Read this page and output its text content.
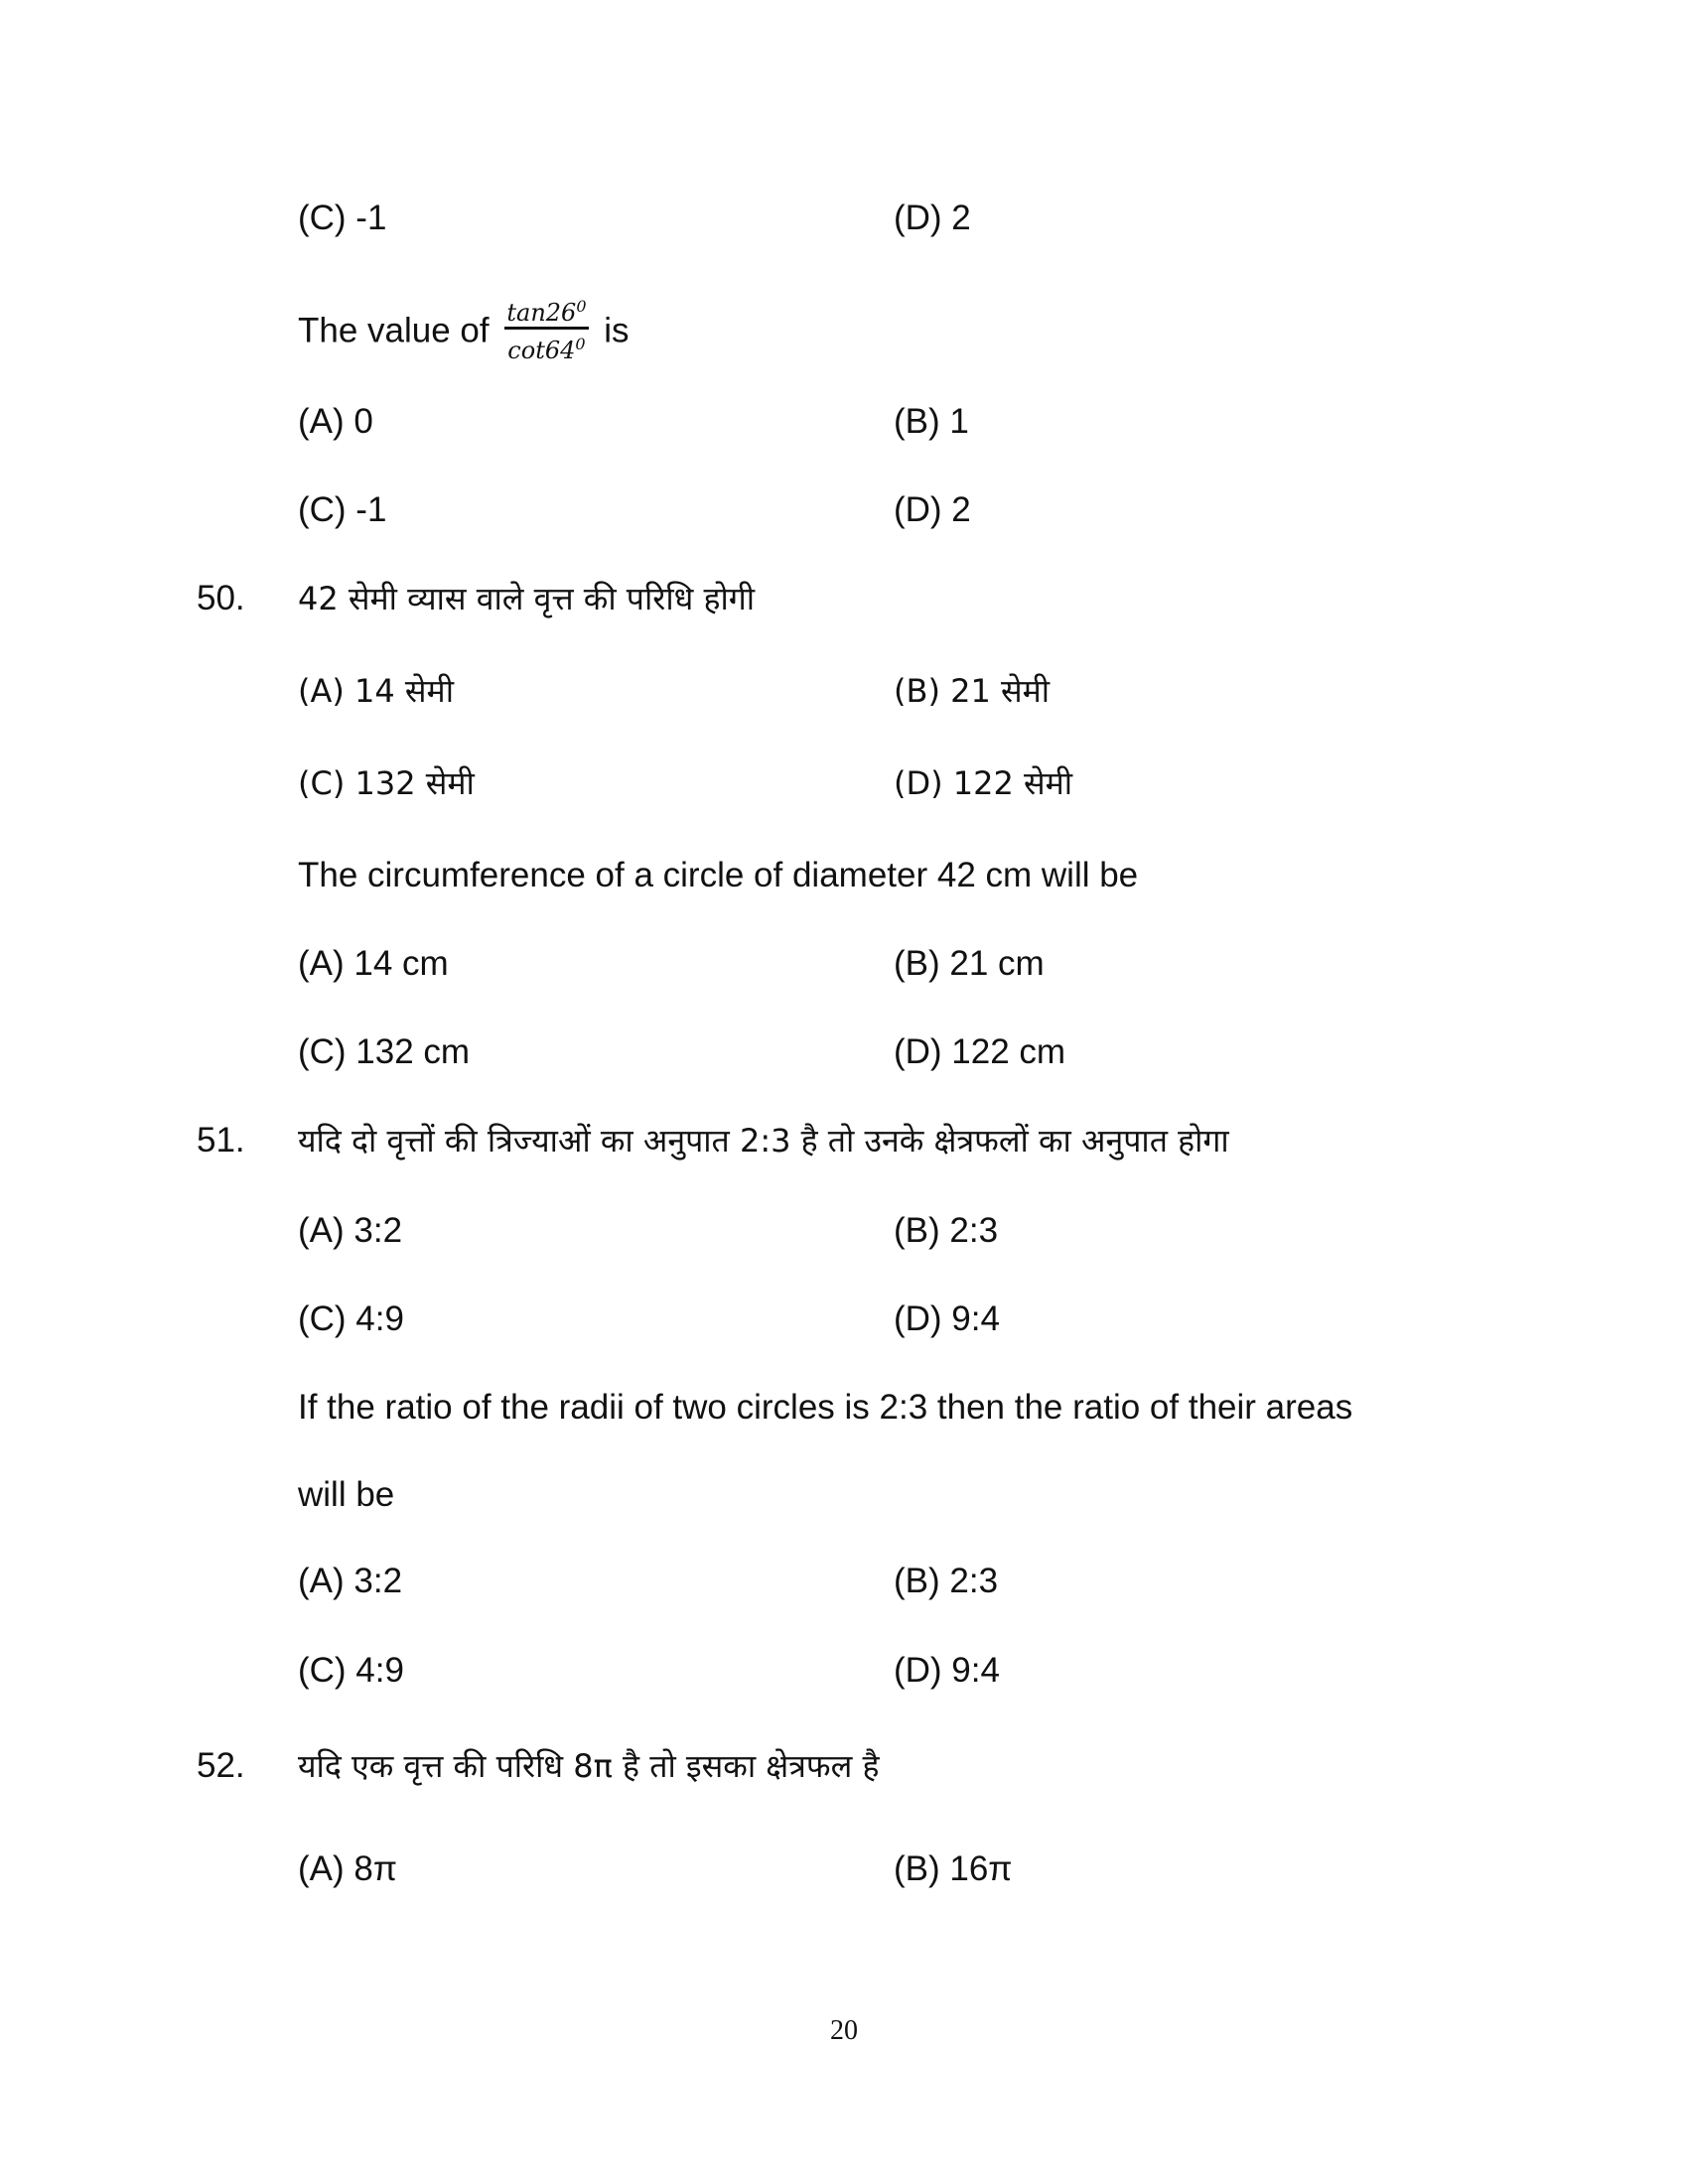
(C) -1	(D) 2
The value of $\frac{\tan 26^0}{\cot 64^0}$ is
(A) 0	(B) 1
(C) -1	(D) 2
50. 42 सेमी व्यास वाले वृत्त की परिधि होगी
(A) 14 सेमी	(B) 21 सेमी
(C) 132 सेमी	(D) 122 सेमी
The circumference of a circle of diameter 42 cm will be
(A) 14 cm	(B) 21 cm
(C) 132 cm	(D) 122 cm
51. यदि दो वृत्तों की त्रिज्याओं का अनुपात 2:3 है तो उनके क्षेत्रफलों का अनुपात होगा
(A) 3:2	(B) 2:3
(C) 4:9	(D) 9:4
If the ratio of the radii of two circles is 2:3 then the ratio of their areas
will be
(A) 3:2	(B) 2:3
(C) 4:9	(D) 9:4
52. यदि एक वृत्त की परिधि 8π है तो इसका क्षेत्रफल है
(A) 8π	(B) 16π
20
